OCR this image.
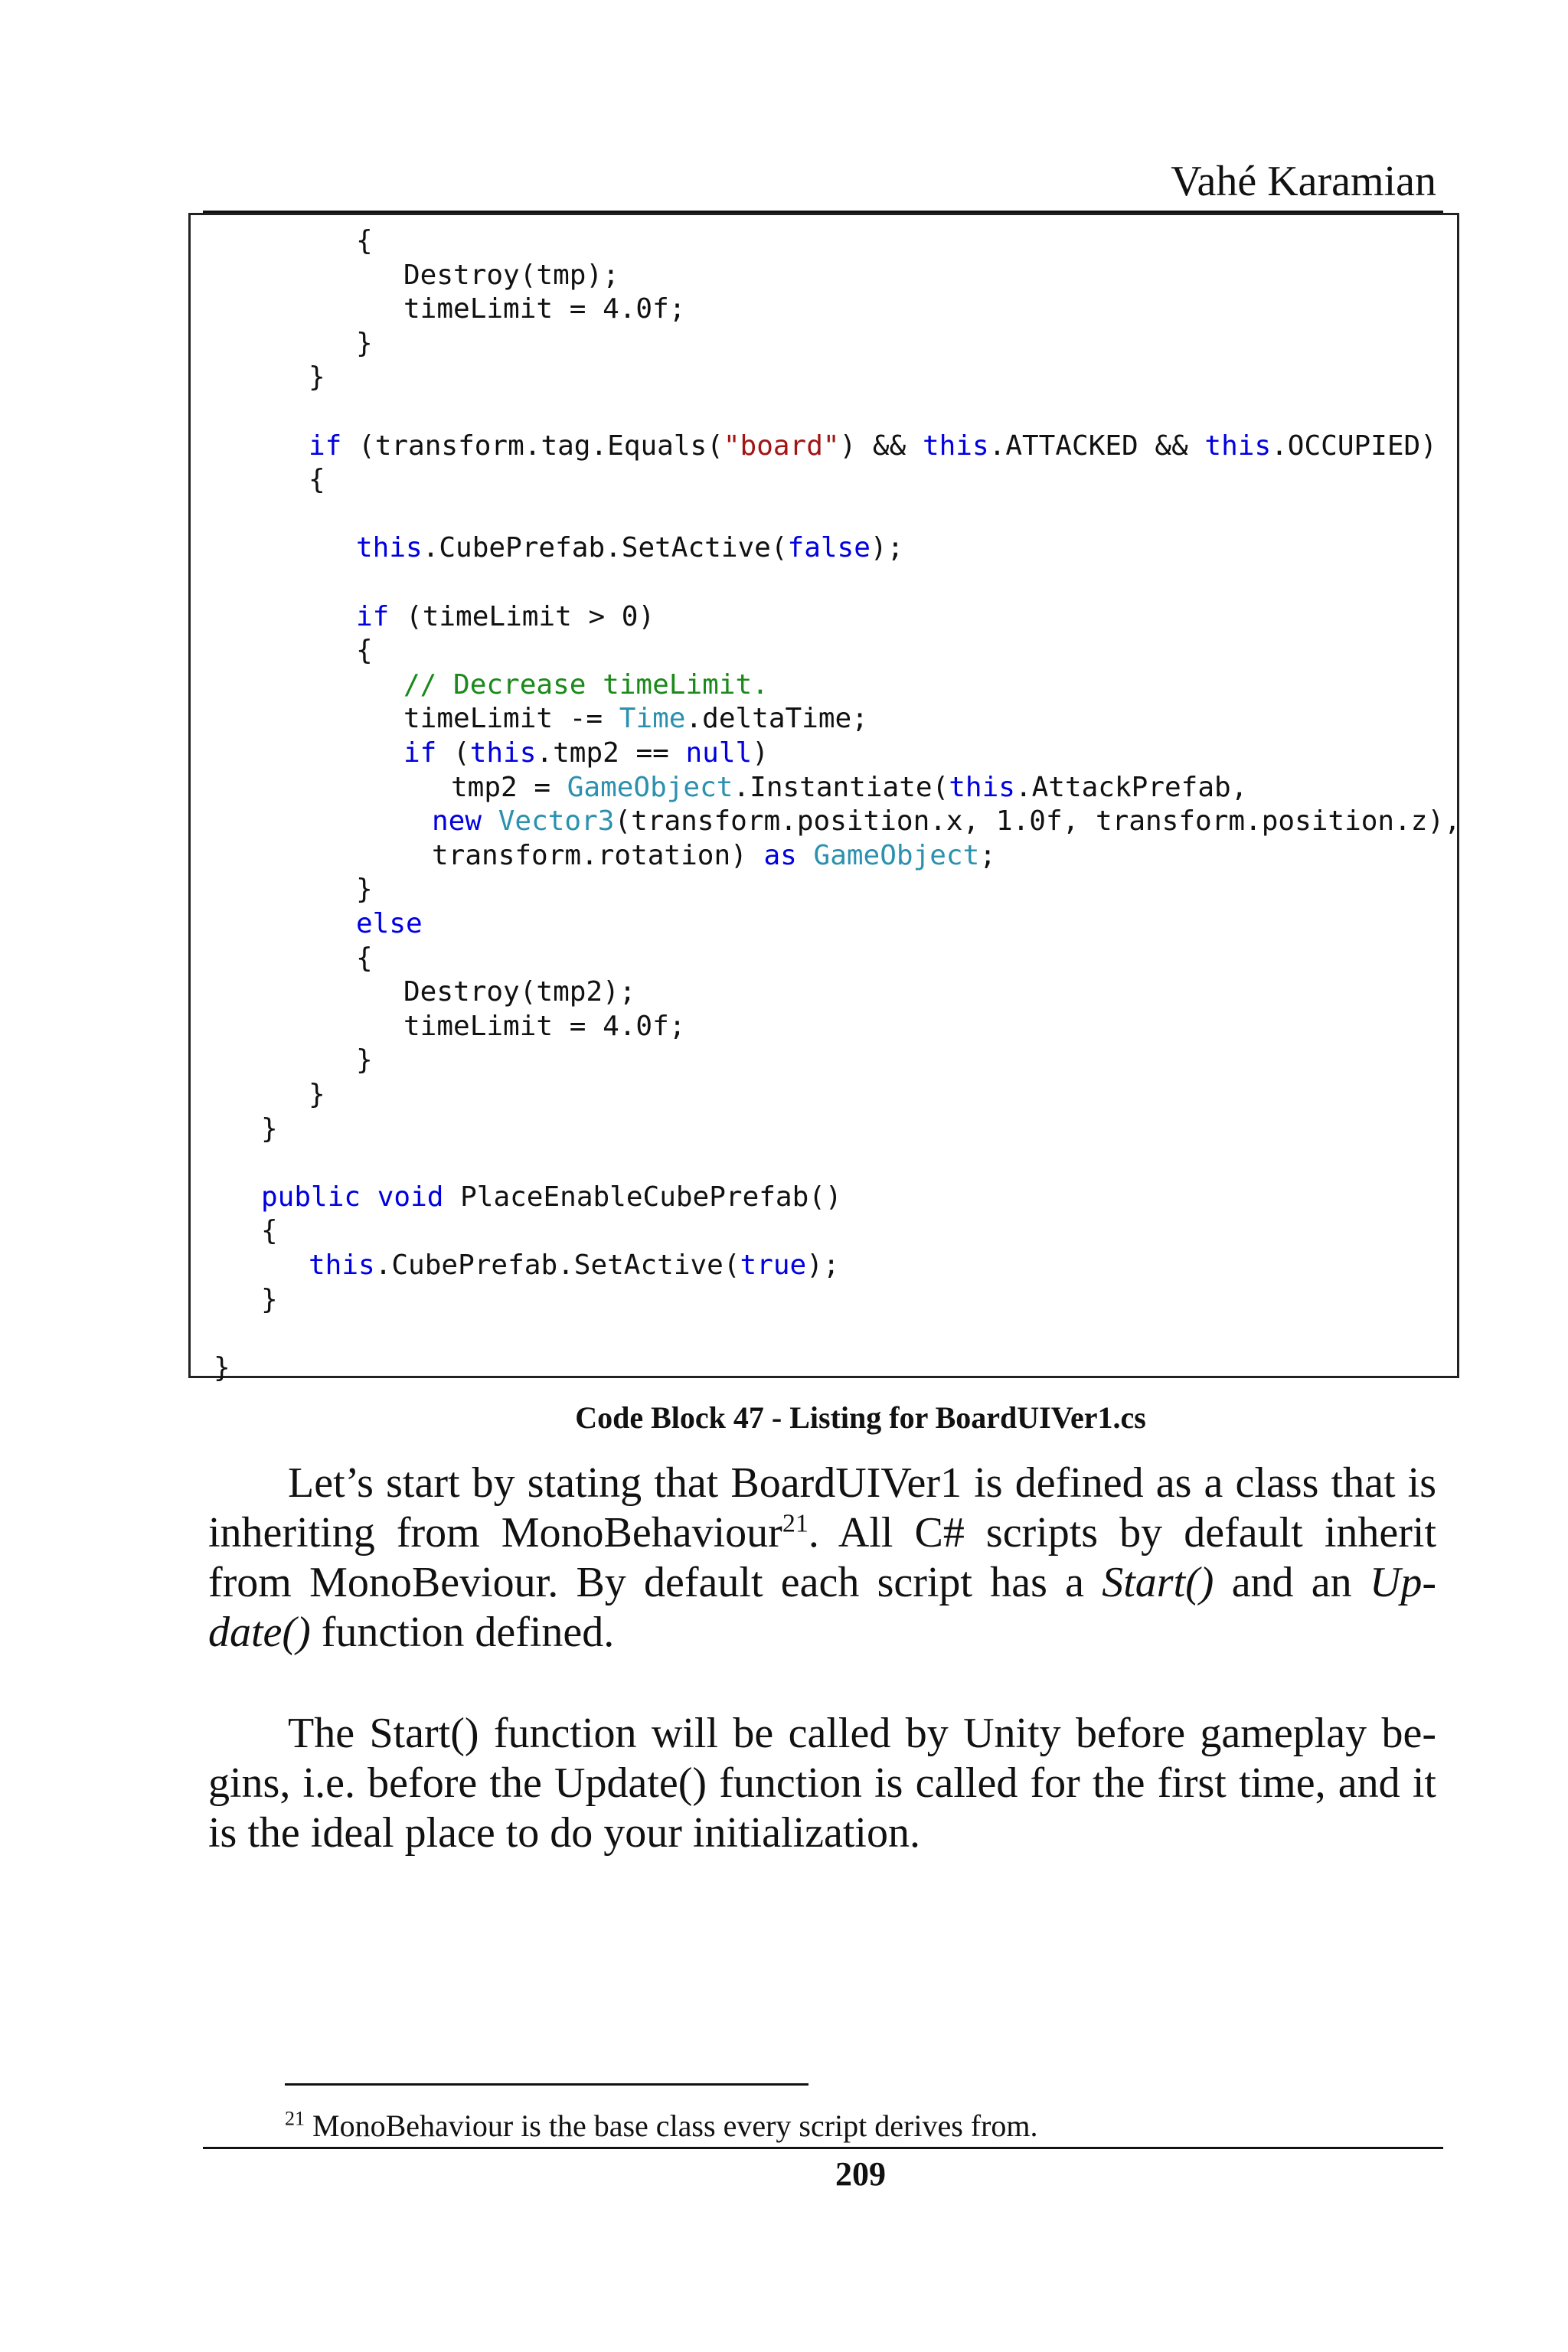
Vahé Karamian
{
Destroy(tmp);
timeLimit = 4.0f;
}
}
if (transform.tag.Equals("board") && this.ATTACKED && this.OCCUPIED)
{
this.CubePrefab.SetActive(false);
if (timeLimit > 0)
{
// Decrease timeLimit.
timeLimit -= Time.deltaTime;
if (this.tmp2 == null)
tmp2 = GameObject.Instantiate(this.AttackPrefab,
new Vector3(transform.position.x, 1.0f, transform.position.z),
transform.rotation) as GameObject;
}
else
{
Destroy(tmp2);
timeLimit = 4.0f;
}
}
}
public void PlaceEnableCubePrefab()
{
this.CubePrefab.SetActive(true);
}
}
Code Block 47 - Listing for BoardUIVer1.cs
Let’s start by stating that BoardUIVer1 is defined as a class that is inheriting from MonoBehaviour$^{21}$. All C# scripts by default inherit from MonoBeviour. By default each script has a Start() and an Up-date() function defined.
The Start() function will be called by Unity before gameplay be-gins, i.e. before the Update() function is called for the first time, and it is the ideal place to do your initialization.
$^{21}$ MonoBehaviour is the base class every script derives from.
209
